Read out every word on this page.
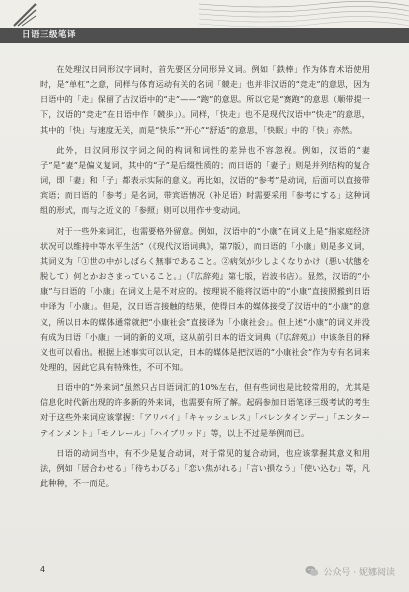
日语三级笔译

在处理汉日同形汉字词时，首先要区分同形异义词。例如「鉄棒」作为体育术语使用时，是“单杠”之意，同样与体育运动有关的名词「競走」也并非汉语的“竞走”的意思，因为日语中的「走」保留了古汉语中的“走”——“跑”的意思。所以它是“赛跑”的意思（顺带提一下，汉语的“竞走”在日语中作「競歩」）。同样，「快走」也不是现代汉语中“快走”的意思，其中的「快」与速度无关，而是“快乐”“开心”“舒适”的意思，「快眠」中的「快」亦然。

此外，日汉同形汉字词之间的构词和词性的差异也不容忽视。例如，汉语的“妻子”是“妻”是偏义复词，其中的“子”是后缀性质的；而日语的「妻子」则是并列结构的复合词，即「妻」和「子」都表示实际的意义。再比如，汉语的“参考”是动词，后面可以直接带宾语；而日语的「参考」是名词，带宾语情况（补足语）时需要采用「参考にする」这种词组的形式，而与之近义的「参照」则可以用作サ变动词。

对于一些外来词汇，也需要格外留意。例如，汉语中的“小康”在词义上是“指家庭经济状况可以维持中等水平生活”（《现代汉语词典》，第7版），而日语的「小康」则是多义词，其词义为「①世の中がしばらく無事であること。②病気が少しよくなりかけ（悪い状態を脱して）何とかおさまっていること。」（『広辞苑』第七版，岩波书店）。显然，汉语的“小康”与日语的「小康」在词义上是不对应的。按理说不能将汉语中的“小康”直接照搬到日语中译为「小康」。但是，汉日语言接触的结果，使得日本的媒体接受了汉语中的“小康”的意义，所以日本的媒体通常就把“小康社会”直接译为「小康社会」。但上述“小康”的词义并没有成为日语「小康」一词的新的义项，这从前引日本的语文词典（『広辞苑』）中该条目的释义也可以看出。根据上述事实可以认定，日本的媒体是把汉语的“小康社会”作为专有名词来处理的，因此它具有特殊性，不可不知。

日语中的“外来词”虽然只占日语词汇的10%左右，但有些词也是比较常用的，尤其是信息化时代新出现的许多新的外来词，也需要有所了解。起码参加日语笔译三级考试的考生对于这些外来词应该掌握：「アリバイ」「キャッシュレス」「バレンタインデー」「エンターテインメント」「モノレール」「ハイブリッド」等，以上不过是举例而已。

日语的动词当中，有不少是复合动词，对于常见的复合动词，也应该掌握其意义和用法，例如「居合わせる」「待ちわびる」「恋い焦がれる」「言い損なう」「使い込む」等，凡此种种，不一而足。

4	公众号 · 妮娜阅读
